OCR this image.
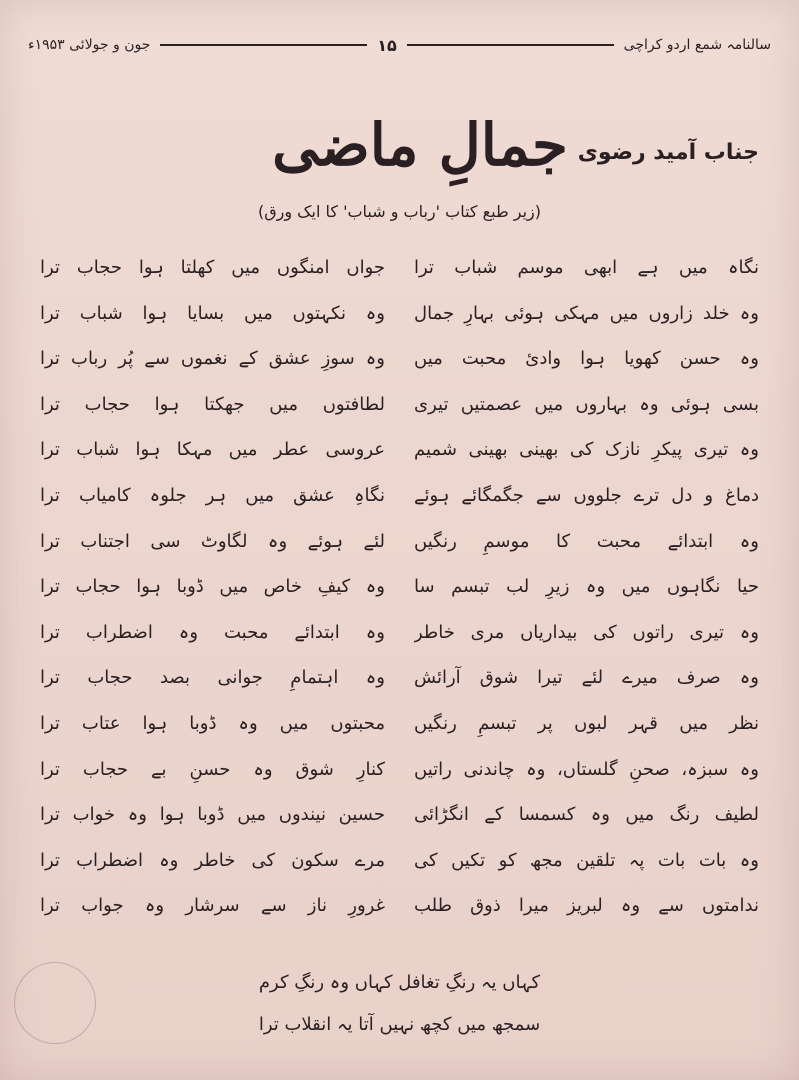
جون و جولائی ۱۹۵۳ء	۱۵	سالنامہ شمع اردو کراچی
جمالِ ماضی جناب آمید رضوی
(زیر طبع کتاب 'رباب و شباب' کا ایک ورق)
نگاہ میں ہے ابھی موسم شباب ترا
وہ خلد زاروں میں مہکی ہوئی بہارِ جمال
وہ حسن کھویا ہوا وادیٔ محبت میں
بسی ہوئی وہ بہاروں میں عصمتیں تیری
وہ تیری پیکرِ نازک کی بھینی بھینی شمیم
دماغ و دل ترے جلووں سے جگمگائے ہوئے
وہ ابتدائے محبت کا موسمِ رنگیں
حیا نگاہوں میں وہ زیرِ لب تبسم سا
وہ تیری راتوں کی بیداریاں مری خاطر
وہ صرف میرے لئے تیرا شوق آرائش
نظر میں قہر لبوں پر تبسمِ رنگیں
وہ سبزہ، صحنِ گلستاں، وہ چاندنی راتیں
لطیف رنگ میں وہ کسمسا کے انگڑائی
وہ بات بات پہ تلقین مجھ کو تکیں کی
ندامتوں سے وہ لبریز میرا ذوق طلب
جواں امنگوں میں کھلتا ہوا حجاب ترا
وہ نکہتوں میں بسایا ہوا شباب ترا
وہ سوزِ عشق کے نغموں سے پُر رباب ترا
لطافتوں میں جھکتا ہوا حجاب ترا
عروسی عطر میں مہکا ہوا شباب ترا
نگاہِ عشق میں ہر جلوہ کامیاب ترا
لئے ہوئے وہ لگاوٹ سی اجتناب ترا
وہ کیفِ خاص میں ڈوبا ہوا حجاب ترا
وہ ابتدائے محبت وہ اضطراب ترا
وہ اہتمامِ جوانی بصد حجاب ترا
محبتوں میں وہ ڈوبا ہوا عتاب ترا
کنارِ شوق وہ حسنِ بے حجاب ترا
حسین نیندوں میں ڈوبا ہوا وہ خواب ترا
مرے سکون کی خاطر وہ اضطراب ترا
غرورِ ناز سے سرشار وہ جواب ترا
کہاں یہ رنگِ تغافل کہاں وہ رنگِ کرم
سمجھ میں کچھ نہیں آتا یہ انقلاب ترا
